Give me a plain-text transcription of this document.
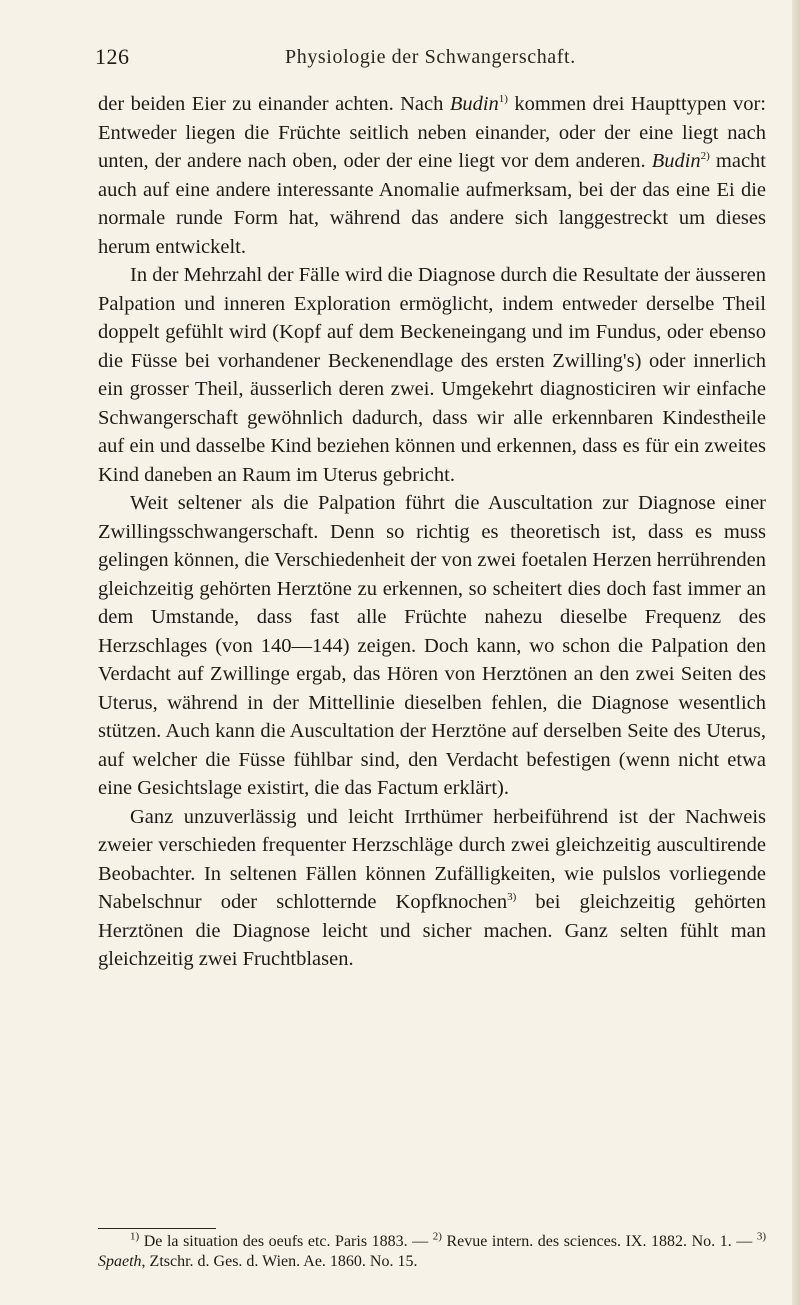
126	Physiologie der Schwangerschaft.

der beiden Eier zu einander achten. Nach Budin$^{1)}$ kommen drei Haupttypen vor: Entweder liegen die Früchte seitlich neben einander, oder der eine liegt nach unten, der andere nach oben, oder der eine liegt vor dem anderen. Budin$^{2)}$ macht auch auf eine andere interessante Anomalie aufmerksam, bei der das eine Ei die normale runde Form hat, während das andere sich langgestreckt um dieses herum entwickelt.

In der Mehrzahl der Fälle wird die Diagnose durch die Resultate der äusseren Palpation und inneren Exploration ermöglicht, indem entweder derselbe Theil doppelt gefühlt wird (Kopf auf dem Beckeneingang und im Fundus, oder ebenso die Füsse bei vorhandener Beckenendlage des ersten Zwilling's) oder innerlich ein grosser Theil, äusserlich deren zwei. Umgekehrt diagnosticiren wir einfache Schwangerschaft gewöhnlich dadurch, dass wir alle erkennbaren Kindestheile auf ein und dasselbe Kind beziehen können und erkennen, dass es für ein zweites Kind daneben an Raum im Uterus gebricht.

Weit seltener als die Palpation führt die Auscultation zur Diagnose einer Zwillingsschwangerschaft. Denn so richtig es theoretisch ist, dass es muss gelingen können, die Verschiedenheit der von zwei foetalen Herzen herrührenden gleichzeitig gehörten Herztöne zu erkennen, so scheitert dies doch fast immer an dem Umstande, dass fast alle Früchte nahezu dieselbe Frequenz des Herzschlages (von 140—144) zeigen. Doch kann, wo schon die Palpation den Verdacht auf Zwillinge ergab, das Hören von Herztönen an den zwei Seiten des Uterus, während in der Mittellinie dieselben fehlen, die Diagnose wesentlich stützen. Auch kann die Auscultation der Herztöne auf derselben Seite des Uterus, auf welcher die Füsse fühlbar sind, den Verdacht befestigen (wenn nicht etwa eine Gesichtslage existirt, die das Factum erklärt).

Ganz unzuverlässig und leicht Irrthümer herbeiführend ist der Nachweis zweier verschieden frequenter Herzschläge durch zwei gleichzeitig auscultirende Beobachter. In seltenen Fällen können Zufälligkeiten, wie pulslos vorliegende Nabelschnur oder schlotternde Kopfknochen$^{3)}$ bei gleichzeitig gehörten Herztönen die Diagnose leicht und sicher machen. Ganz selten fühlt man gleichzeitig zwei Fruchtblasen.

$^{1)}$ De la situation des oeufs etc. Paris 1883. — $^{2)}$ Revue intern. des sciences. IX. 1882. No. 1. — $^{3)}$ Spaeth, Ztschr. d. Ges. d. Wien. Ae. 1860. No. 15.
